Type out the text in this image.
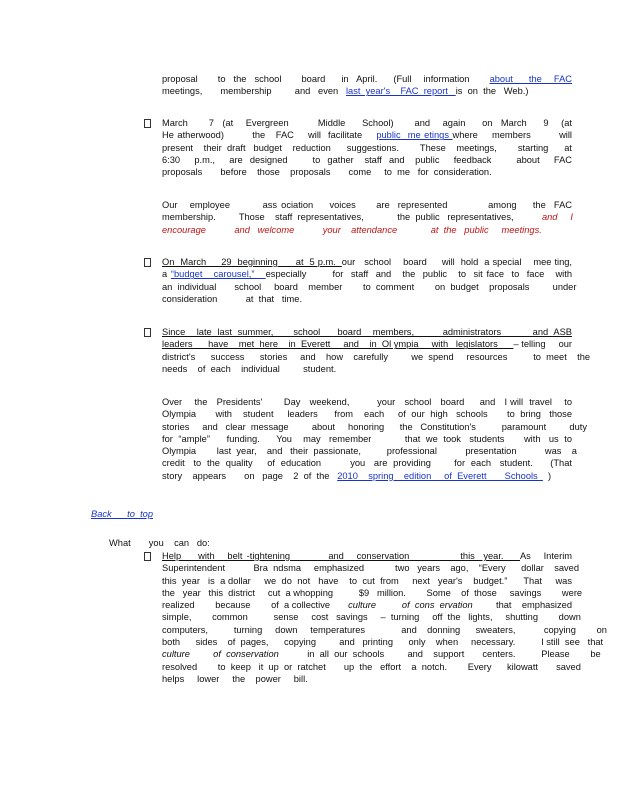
proposal     to  the  school     board    in  April.    (Full   information     about    the   FAC
meetings,       membership         and   even   last  year's    FAC  report   is  on  the   Web.)
March     7  (at   Evergreen       Middle    School)     and   again    on  March    9   (at
He atherwood)        the   FAC    will  facilitate    public  me etings where    members        will
present    their  draft   budget    reduction      suggestions.        These    meetings,        starting      at
6:30    p.m.,    are  designed       to  gather   staff  and   public    feedback       about    FAC
proposals       before    those    proposals       come     to  me   for  consideration.
Our   employee        ass ociation    voices     are  represented          among    the  FAC
membership.         Those    staff  representatives,             the  public   representatives,           and     I
encourage           and   welcome           your    attendance             at  the   public     meetings.
On  March     29  beginning      at  5 p.m.  our   school    board     will  hold  a special    mee ting,
a “budget   carousel,”   especially       for  staff  and   the  public   to  sit face  to  face   with
an  individual       school     board    member        to  comment        on  budget    proposals         under
consideration           at  that   time.
Since    late  last  summer,       school      board    members,          administrators           and  ASB
leaders      have    met  here    in  Everett     and    in  Ol ympia     with   legislators      – telling     our
district's      success      stories     and    how    carefully         we  spend     resources          to  meet    the
needs    of  each    individual         student.
Over    the   Presidents'       Day   weekend,         your   school   board     and   I will  travel    to
Olympia       with    student     leaders      from    each     of  our  high   schools       to  bring   those
stories     and   clear  message         about     honoring      the   Constitution's          paramount         duty
for  “ample”      funding.      You    may   remember            that  we  took   students       with   us  to
Olympia        last  year,    and   their  passionate,          professional           presentation           was    a
credit   to  the  quality     of  education          you   are  providing        for  each   student.      (That
story    appears       on   page    2  of  the   2010    spring    edition     of  Everett       Schools    )
Back      to  top
What       you    can   do:
Help    with   belt -tightening         and   conservation            this  year.    As   Interim
Superintendent           Bra  ndsma     emphasized            two   years    ago,    “Every      dollar    saved
this  year   is  a dollar     we  do  not   have    to  cut  from     next   year's    budget.”      That     was
the   year   this  district     cut  a whopping          $9   million.        Some    of  those     savings        were
realized        because        of  a collective       culture          of  cons  ervation         that    emphasized
simple,        common          sense     cost   savings     –  turning     off  the   lights,     shutting        down
computers,          turning     down     temperatures              and    donning      sweaters,           copying        on
both      sides    of  pages,      copying         and   printing      only    when     necessary.          I still  see   that
culture         of  conservation           in  all  our  schools         and    support       centers.          Please        be
resolved        to  keep   it  up  or  ratchet       up  the   effort    a  notch.        Every      kilowatt       saved
helps     lower     the    power     bill.
